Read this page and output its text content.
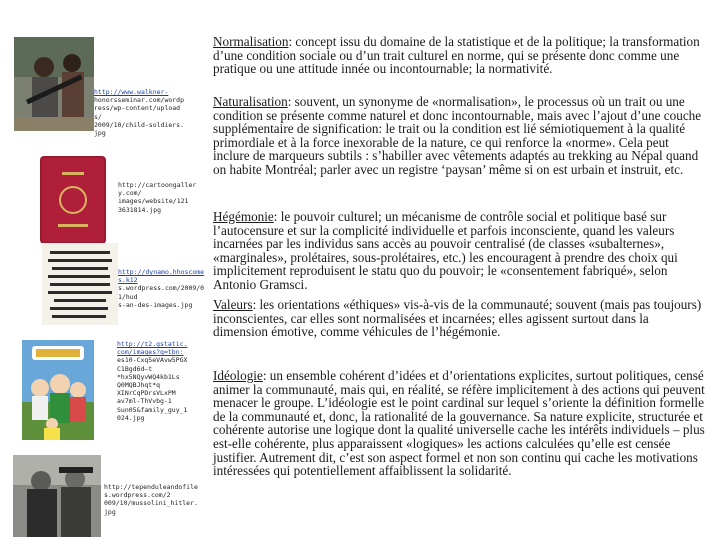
http://www.walkner-
honorsseminar.com/wordpress/wp-content/uploads/
2009/10/child-soldiers.jpg
http://cartoongallery.com/
images/website/121
3631814.jpg
http://dynamo.hhoscomes.k12
s.wordpress.com/2009/01/hud
s-an-des-images.jpg
http://t2.gstatic.com/images?q=tbn:
es10-Cxq5eVAvw5PGX
C1Bgd6d—t
*hx5NQyvWQ4kb1Ls
Q0MQBJhqt*q
XINrCqPDrsVLxPM
av7ml-ThVvbg-1
Sun05&family_guy_1024.jpg
http://tependuleandofiles.wordpress.com/2
009/10/mussolini_hitler.jpg
Normalisation: concept issu du domaine de la statistique et de la politique; la transformation d’une condition sociale ou d’un trait culturel en norme, qui se présente donc comme une pratique ou une attitude innée ou incontournable; la normativité.
Naturalisation: souvent, un synonyme de «normalisation», le processus où un trait ou une condition se présente comme naturel et donc incontournable, mais avec l’ajout d’une couche supplémentaire de signification: le trait ou la condition est lié sémiotiquement à la qualité primordiale et à la force inexorable de la nature, ce qui renforce la «norme». Cela peut inclure de marqueurs subtils : s’habiller avec vêtements adaptés au trekking au Népal quand on habite Montréal; parler avec un registre ‘paysan’ même si on est urbain et instruit, etc.
Hégémonie: le pouvoir culturel; un mécanisme de contrôle social et politique basé sur l’autocensure et sur la complicité individuelle et parfois inconsciente, quand les valeurs incarnées par les individus sans accès au pouvoir centralisé (de classes «subalternes», «marginales», prolétaires, sous-prolétaires, etc.) les encouragent à prendre des choix qui implicitement reproduisent le statu quo du pouvoir; le «consentement fabriqué», selon Antonio Gramsci.
Valeurs: les orientations «éthiques» vis-à-vis de la communauté; souvent (mais pas toujours) inconscientes, car elles sont normalisées et incarnées; elles agissent surtout dans la dimension émotive, comme véhicules de l’hégémonie.
Idéologie: un ensemble cohérent d’idées et d’orientations explicites, surtout politiques, censé animer la communauté, mais qui, en réalité, se réfère implicitement à des actions qui peuvent menacer le groupe. L’idéologie est le point cardinal sur lequel s’oriente la définition formelle de la communauté et, donc, la rationalité de la gouvernance. Sa nature explicite, structurée et cohérente autorise une logique dont la qualité universelle cache les intérêts individuels – plus est-elle cohérente, plus apparaissent «logiques» les actions calculées qu’elle est censée justifier. Autrement dit, c’est son aspect formel et non son continu qui cache les motivations intéressées qui potentiellement affaiblissent la solidarité.
